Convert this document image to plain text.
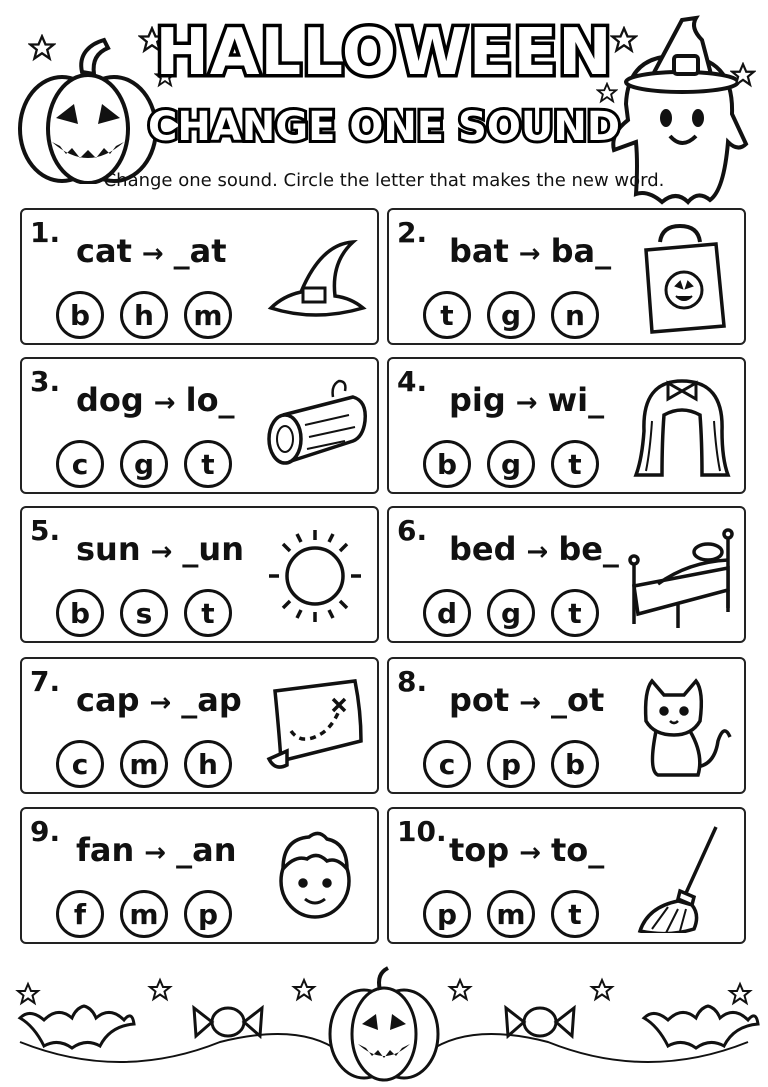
HALLOWEEN
CHANGE ONE SOUND
Change one sound. Circle the letter that makes the new word.
1. cat → _at
b	h	m
2. bat → ba_
t	g	n
3. dog → lo_
c	g	t
4. pig → wi_
b	g	t
5. sun → _un
b	s	t
6. bed → be_
d	g	t
7. cap → _ap
c	m	h
8. pot → _ot
c	p	b
9. fan → _an
f	m	p
10. top → to_
p	m	t
